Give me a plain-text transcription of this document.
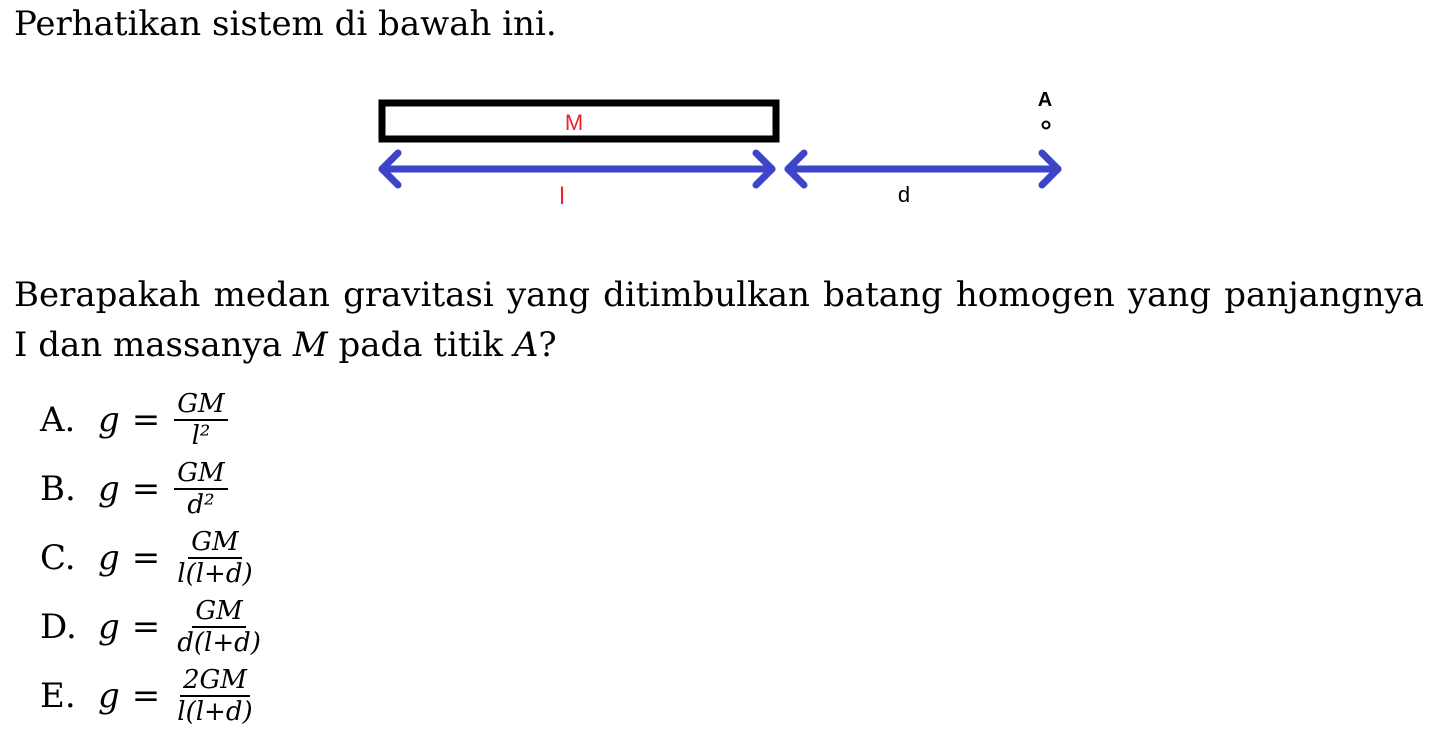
Perhatikan sistem di bawah ini.
M
l	d
A
Berapakah medan gravitasi yang ditimbulkan batang homogen yang panjangnya I dan massanya M pada titik A?
A. $g = \frac{GM}{\text{l²}}$
B. $g = \frac{GM}{\text{d²}}$
C. $g = \frac{GM}{l(l+d)}$
D. $g = \frac{GM}{d(l+d)}$
E. $g = \frac{2GM}{l(l+d)}$
